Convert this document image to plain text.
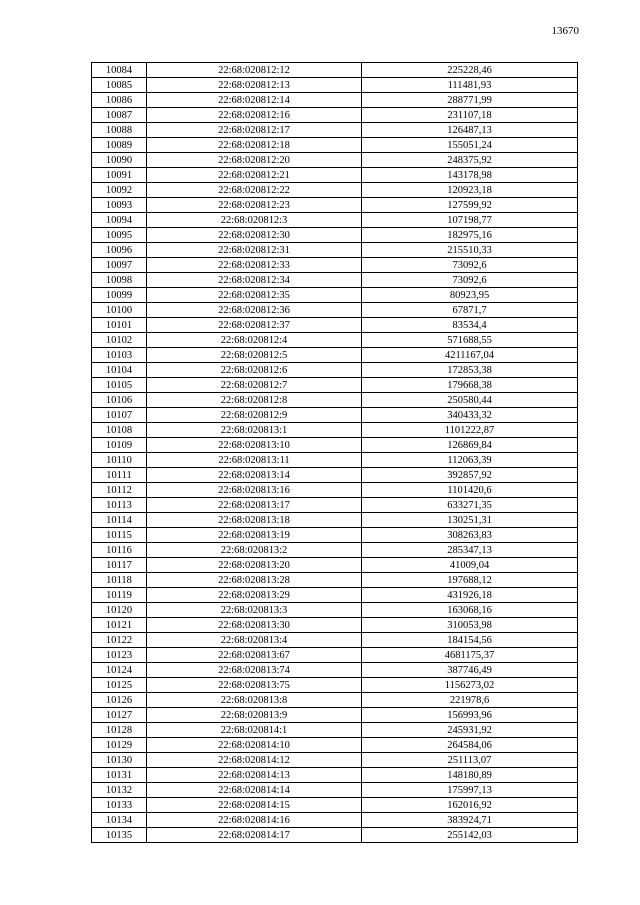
13670
10084	22:68:020812:12	225228,46
10085	22:68:020812:13	111481,93
10086	22:68:020812:14	288771,99
10087	22:68:020812:16	231107,18
10088	22:68:020812:17	126487,13
10089	22:68:020812:18	155051,24
10090	22:68:020812:20	248375,92
10091	22:68:020812:21	143178,98
10092	22:68:020812:22	120923,18
10093	22:68:020812:23	127599,92
10094	22:68:020812:3	107198,77
10095	22:68:020812:30	182975,16
10096	22:68:020812:31	215510,33
10097	22:68:020812:33	73092,6
10098	22:68:020812:34	73092,6
10099	22:68:020812:35	80923,95
10100	22:68:020812:36	67871,7
10101	22:68:020812:37	83534,4
10102	22:68:020812:4	571688,55
10103	22:68:020812:5	4211167,04
10104	22:68:020812:6	172853,38
10105	22:68:020812:7	179668,38
10106	22:68:020812:8	250580,44
10107	22:68:020812:9	340433,32
10108	22:68:020813:1	1101222,87
10109	22:68:020813:10	126869,84
10110	22:68:020813:11	112063,39
10111	22:68:020813:14	392857,92
10112	22:68:020813:16	1101420,6
10113	22:68:020813:17	633271,35
10114	22:68:020813:18	130251,31
10115	22:68:020813:19	308263,83
10116	22:68:020813:2	285347,13
10117	22:68:020813:20	41009,04
10118	22:68:020813:28	197688,12
10119	22:68:020813:29	431926,18
10120	22:68:020813:3	163068,16
10121	22:68:020813:30	310053,98
10122	22:68:020813:4	184154,56
10123	22:68:020813:67	4681175,37
10124	22:68:020813:74	387746,49
10125	22:68:020813:75	1156273,02
10126	22:68:020813:8	221978,6
10127	22:68:020813:9	156993,96
10128	22:68:020814:1	245931,92
10129	22:68:020814:10	264584,06
10130	22:68:020814:12	251113,07
10131	22:68:020814:13	148180,89
10132	22:68:020814:14	175997,13
10133	22:68:020814:15	162016,92
10134	22:68:020814:16	383924,71
10135	22:68:020814:17	255142,03
